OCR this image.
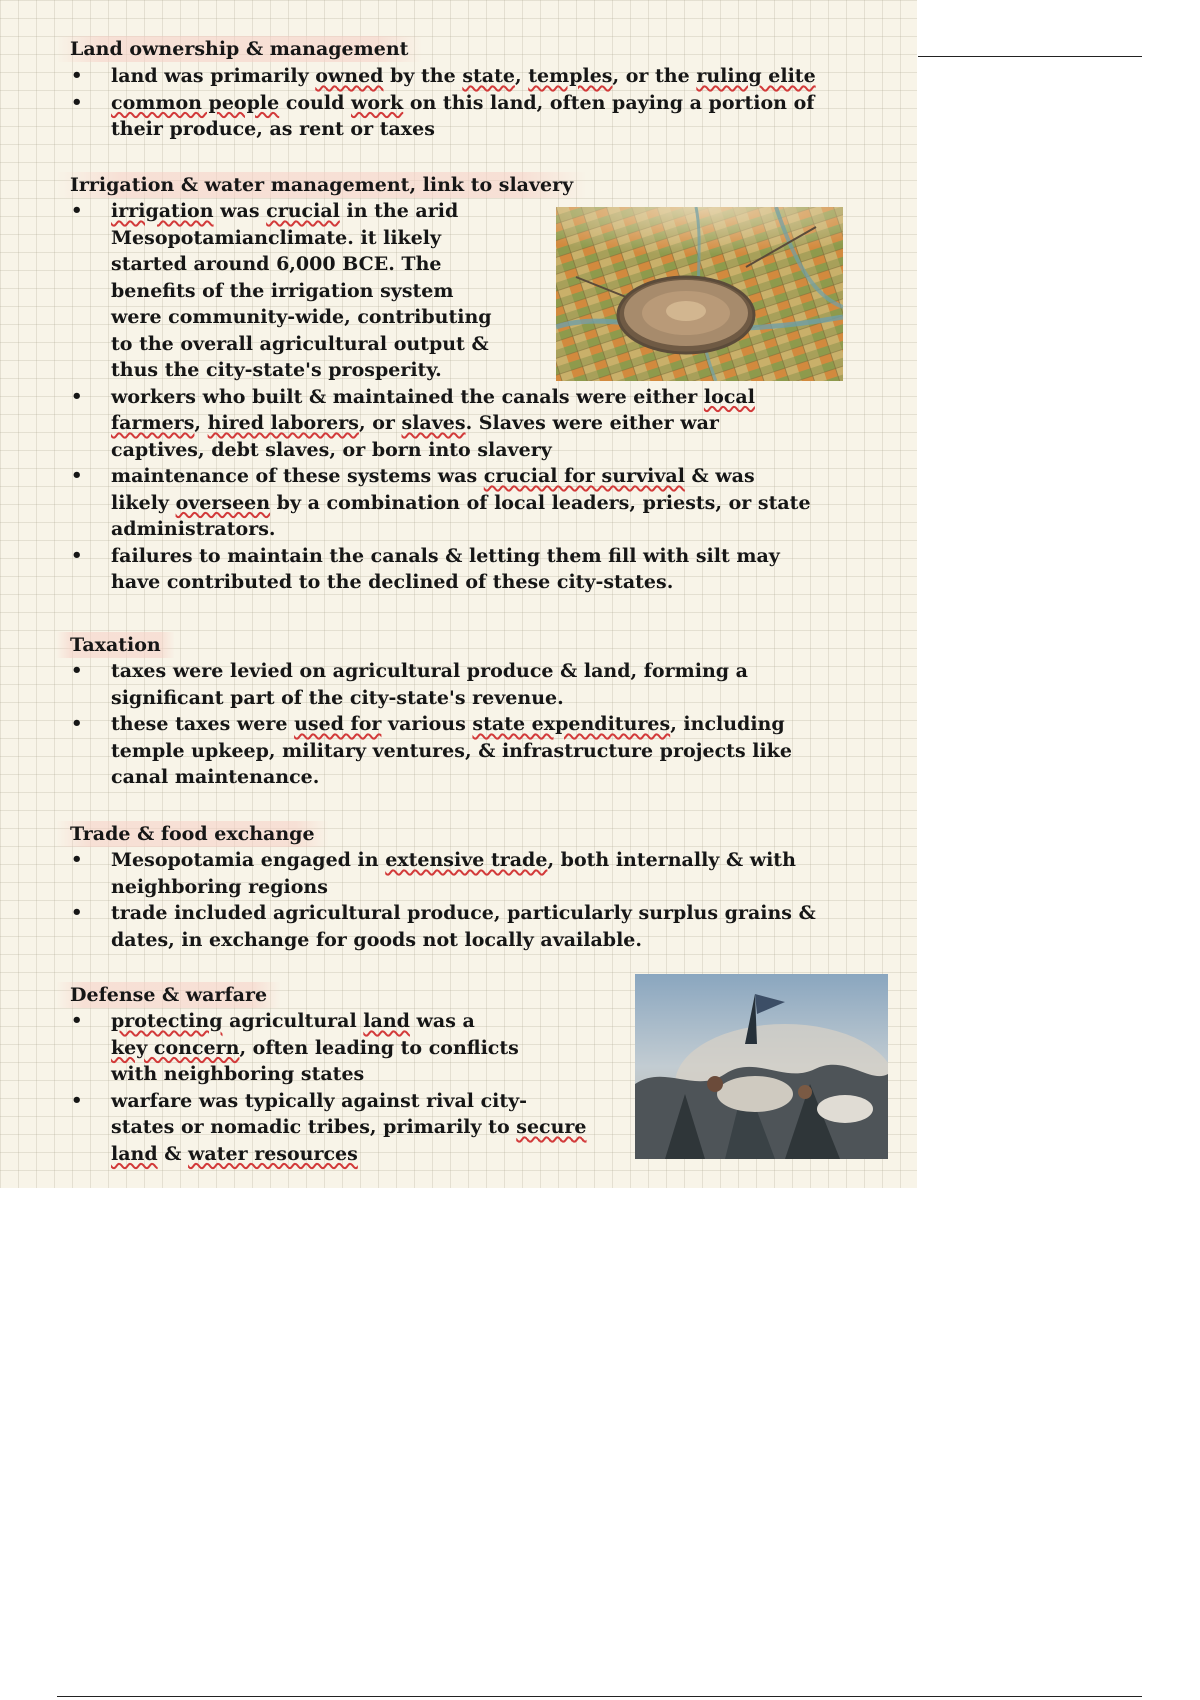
Land ownership & management
• land was primarily owned by the state, temples, or the ruling elite
• common people could work on this land, often paying a portion of
their produce, as rent or taxes
Irrigation & water management, link to slavery
• irrigation was crucial in the arid
Mesopotamianclimate. it likely
started around 6,000 BCE. The
benefits of the irrigation system
were community-wide, contributing
to the overall agricultural output &
thus the city-state's prosperity.
• workers who built & maintained the canals were either local
farmers, hired laborers, or slaves. Slaves were either war
captives, debt slaves, or born into slavery
• maintenance of these systems was crucial for survival & was
likely overseen by a combination of local leaders, priests, or state
administrators.
• failures to maintain the canals & letting them fill with silt may
have contributed to the declined of these city-states.
Taxation
• taxes were levied on agricultural produce & land, forming a
significant part of the city-state's revenue.
• these taxes were used for various state expenditures, including
temple upkeep, military ventures, & infrastructure projects like
canal maintenance.
Trade & food exchange
• Mesopotamia engaged in extensive trade, both internally & with
neighboring regions
• trade included agricultural produce, particularly surplus grains &
dates, in exchange for goods not locally available.
Defense & warfare
• protecting agricultural land was a
key concern, often leading to conflicts
with neighboring states
• warfare was typically against rival city-
states or nomadic tribes, primarily to secure
land & water resources
